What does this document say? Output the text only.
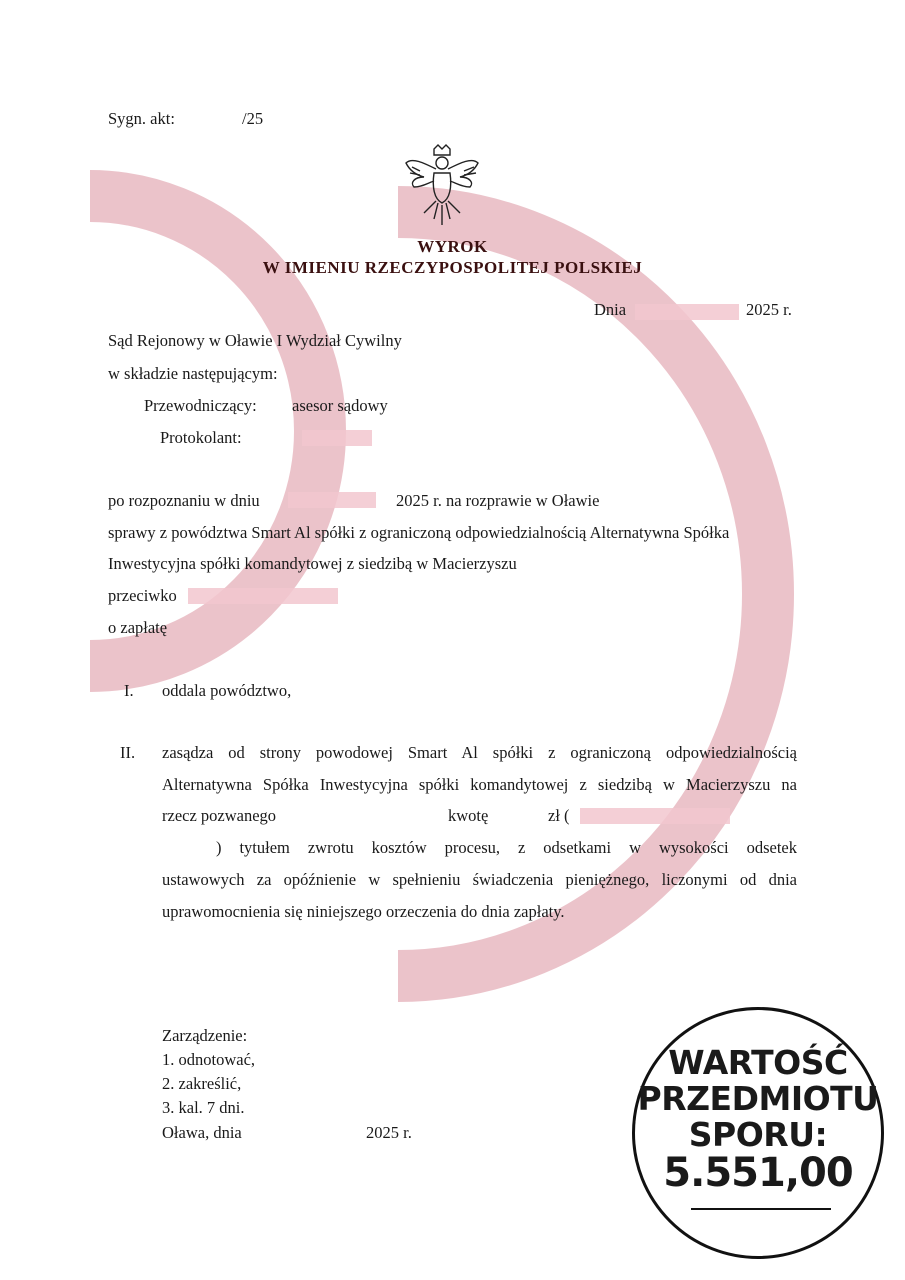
Sygn. akt:	/25
WYROK
W IMIENIU RZECZYPOSPOLITEJ POLSKIEJ
Dnia	2025 r.
Sąd Rejonowy w Oławie I Wydział Cywilny
w składzie następującym:
Przewodniczący: asesor sądowy
Protokolant:
po rozpoznaniu w dniu	2025 r. na rozprawie w Oławie
sprawy z powództwa Smart Al spółki z ograniczoną odpowiedzialnością Alternatywna Spółka
Inwestycyjna spółki komandytowej z siedzibą w Macierzyszu
przeciwko
o zapłatę
I. oddala powództwo,
II. zasądza od strony powodowej Smart Al spółki z ograniczoną odpowiedzialnością
Alternatywna Spółka Inwestycyjna spółki komandytowej z siedzibą w Macierzyszu na
rzecz pozwanego	kwotę	zł (
) tytułem zwrotu kosztów procesu, z odsetkami w wysokości odsetek
ustawowych za opóźnienie w spełnieniu świadczenia pieniężnego, liczonymi od dnia
uprawomocnienia się niniejszego orzeczenia do dnia zapłaty.
Zarządzenie:
1. odnotować,
2. zakreślić,
3. kal. 7 dni.
Oława, dnia	2025 r.
WARTOŚĆ
PRZEDMIOTU
SPORU:
5.551,00
